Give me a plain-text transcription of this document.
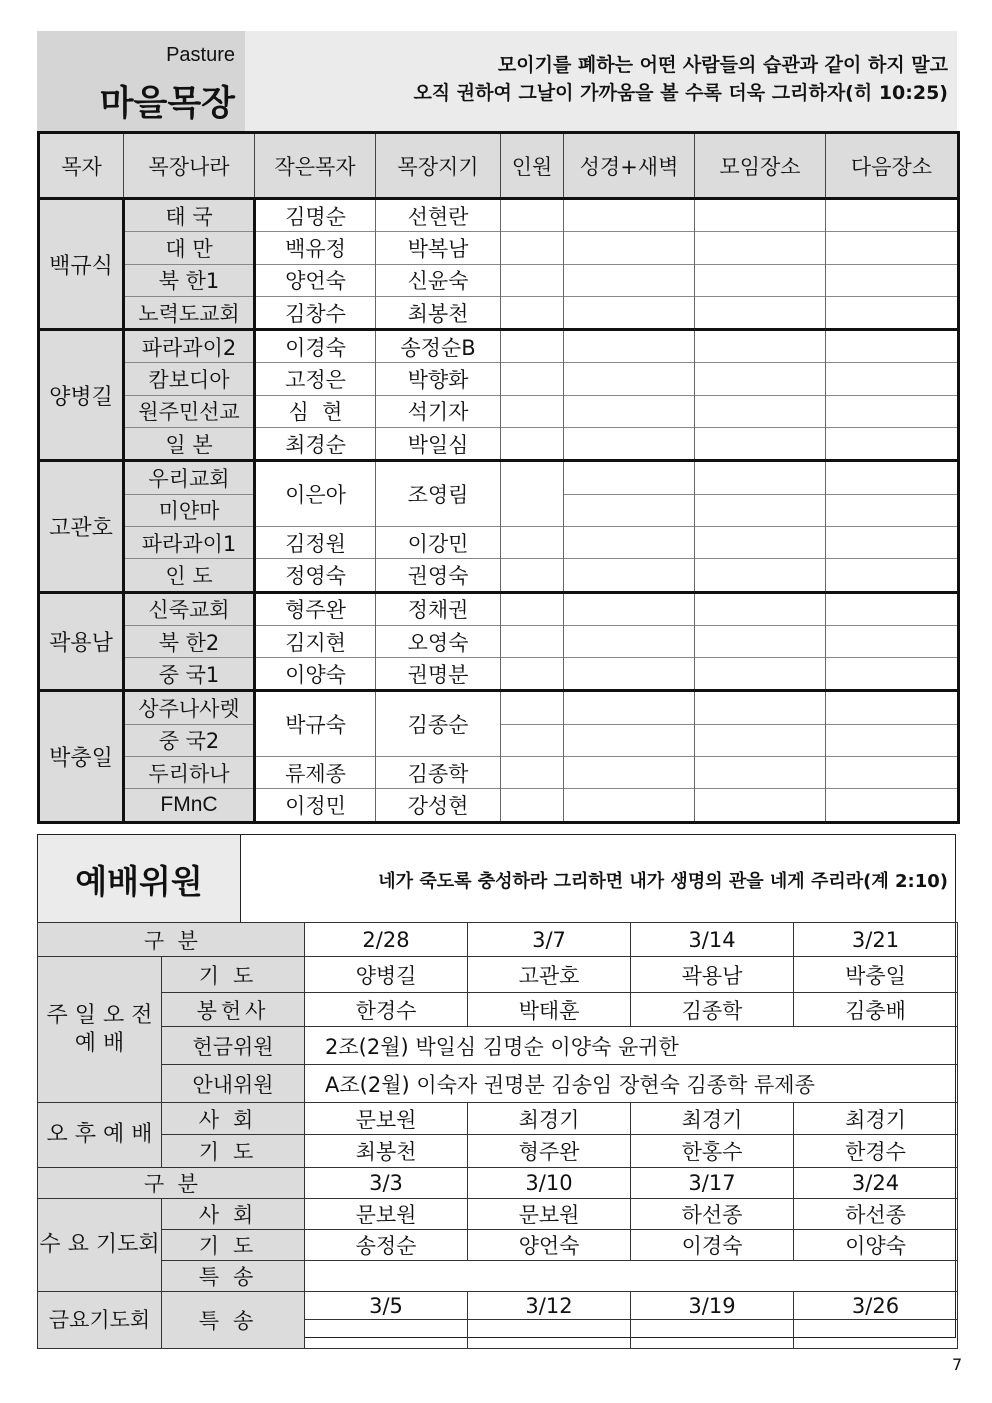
Pasture
마을목장
모이기를 폐하는 어떤 사람들의 습관과 같이 하지 말고
오직 권하여 그날이 가까움을 볼 수록 더욱 그리하자(히 10:25)
목자	목장나라	작은목자	목장지기	인원	성경+새벽	모임장소	다음장소
백규식	태 국	김명순	선현란				
	대 만	백유정	박복남				
	북 한1	양언숙	신윤숙				
	노력도교회	김창수	최봉천				
양병길	파라과이2	이경숙	송정순B				
	캄보디아	고정은	박향화				
	원주민선교	심  현	석기자				
	일 본	최경순	박일심				
고관호	우리교회	이은아	조영림				
	미얀마						
	파라과이1	김정원	이강민				
	인 도	정영숙	권영숙				
곽용남	신죽교회	형주완	정채권				
	북 한2	김지현	오영숙				
	중 국1	이양숙	권명분				
박충일	상주나사렛	박규숙	김종순				
	중 국2						
	두리하나	류제종	김종학				
	FMnC	이정민	강성현				
예배위원	네가 죽도록 충성하라 그리하면 내가 생명의 관을 네게 주리라(계 2:10)
구  분		2/28	3/7	3/14	3/21
주 일 오 전 예 배	기도	양병길	고관호	곽용남	박충일
	봉헌사	한경수	박태훈	김종학	김충배
	헌금위원	2조(2월) 박일심 김명순 이양숙 윤귀한			
	안내위원	A조(2월) 이숙자 권명분 김송임 장현숙 김종학 류제종			
오 후 예 배	사회	문보원	최경기	최경기	최경기
	기도	최봉천	형주완	한홍수	한경수
구  분		3/3	3/10	3/17	3/24
수 요 기도회	사회	문보원	문보원	하선종	하선종
	기도	송정순	양언숙	이경숙	이양숙
	특송				
금요기도회	특송	3/5	3/12	3/19	3/26

7
